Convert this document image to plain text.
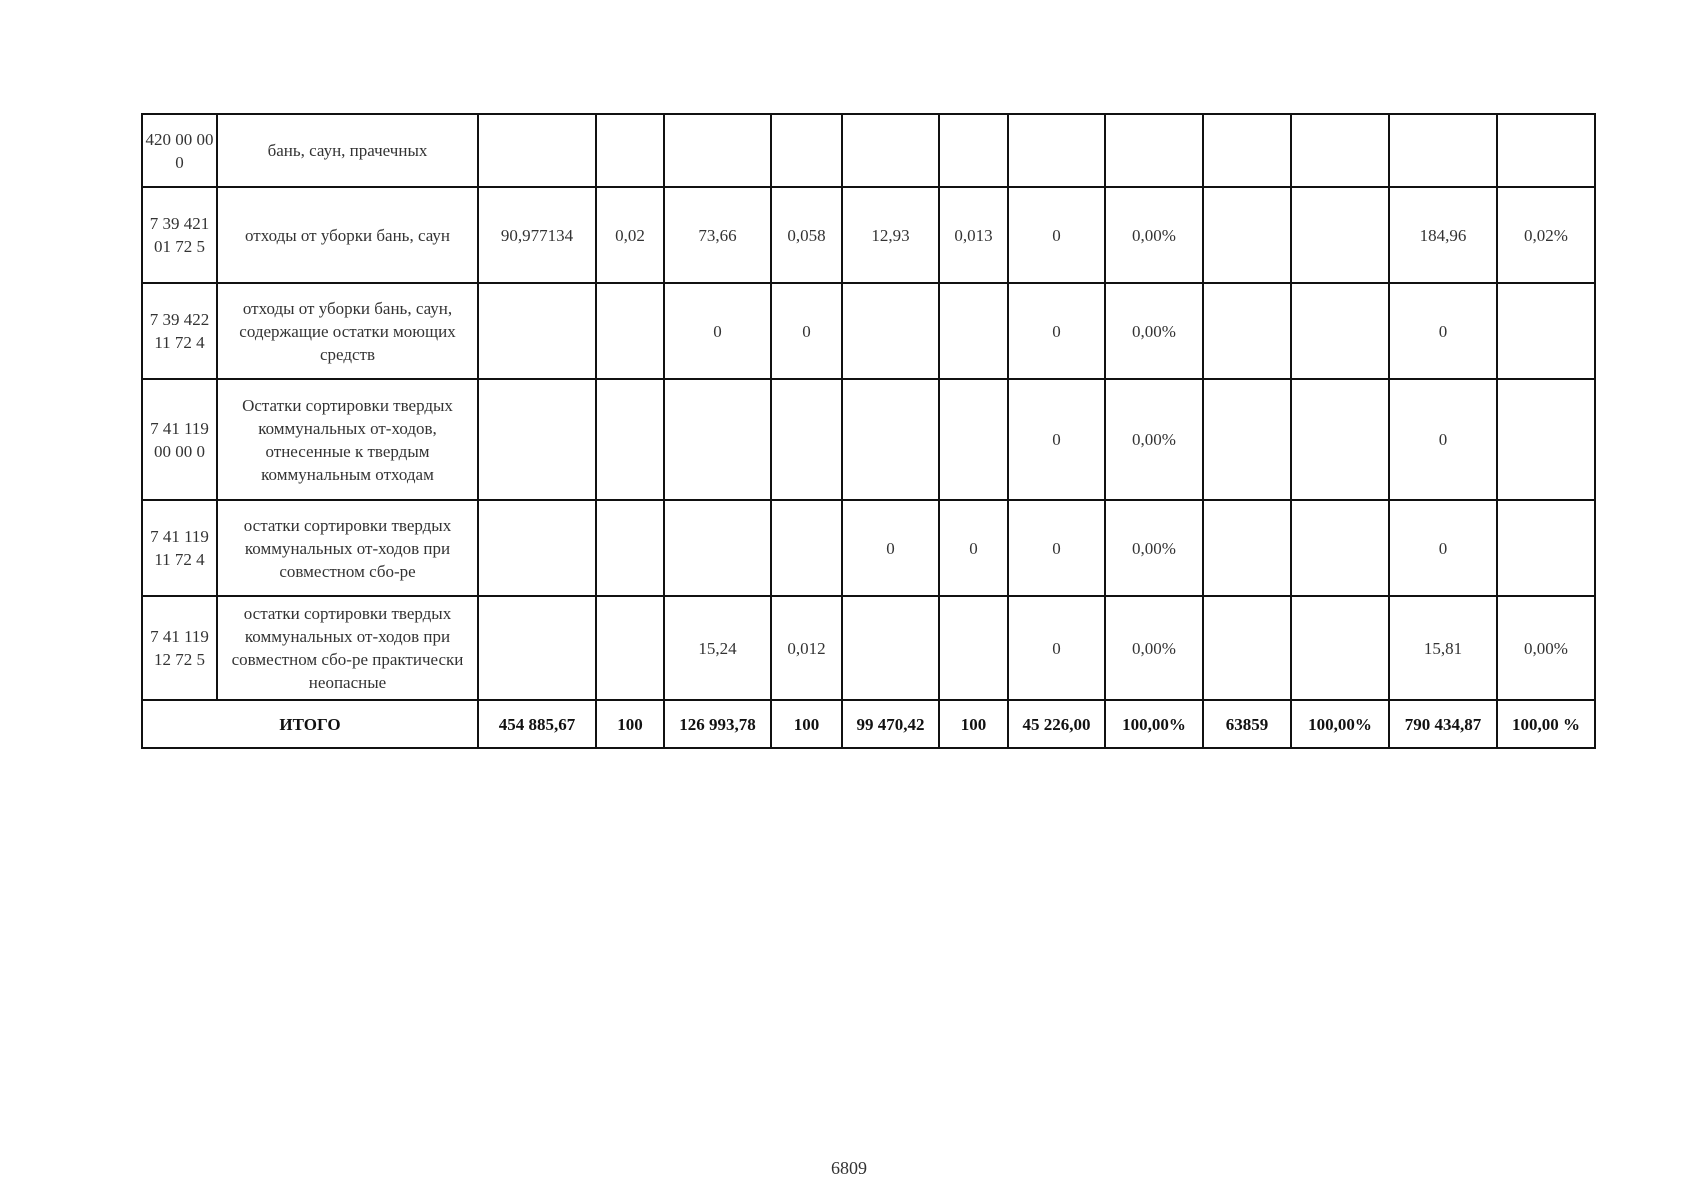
420 00 00 0	бань, саун, прачечных												
7 39 421 01 72 5	отходы от уборки бань, саун	90,977134	0,02	73,66	0,058	12,93	0,013	0	0,00%			184,96	0,02%
7 39 422 11 72 4	отходы от уборки бань, саун, содержащие остатки моющих средств			0	0			0	0,00%			0	
7 41 119 00 00 0	Остатки сортировки твердых коммунальных от-ходов, отнесенные к твердым коммунальным отходам							0	0,00%			0	
7 41 119 11 72 4	остатки сортировки твердых коммунальных от-ходов при совместном сбо-ре					0	0	0	0,00%			0	
7 41 119 12 72 5	остатки сортировки твердых коммунальных от-ходов при совместном сбо-ре практически неопасные			15,24	0,012			0	0,00%			15,81	0,00%
ИТОГО		454 885,67	100	126 993,78	100	99 470,42	100	45 226,00	100,00%	63859	100,00%	790 434,87	100,00 %
6809
